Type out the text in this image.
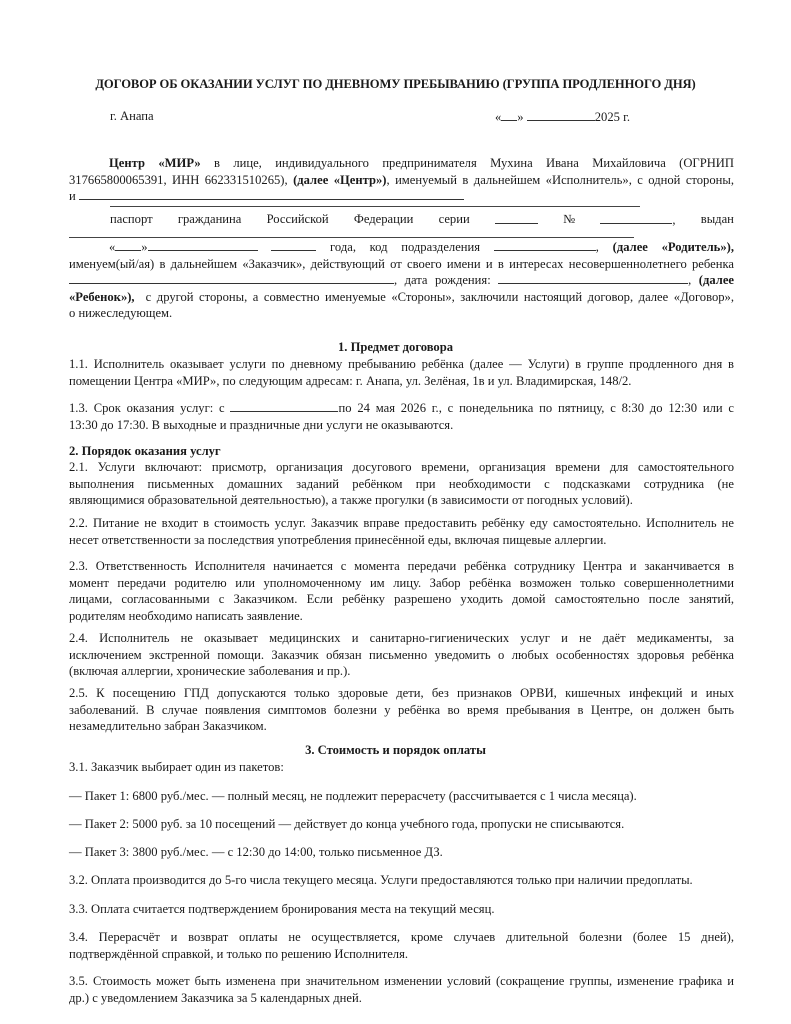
ДОГОВОР ОБ ОКАЗАНИИ УСЛУГ ПО ДНЕВНОМУ ПРЕБЫВАНИЮ (ГРУППА ПРОДЛЕННОГО ДНЯ)
г. Анапа	« »	2025 г.
Центр «МИР» в лице, индивидуального предпринимателя Мухина Ивана Михайловича (ОГРНИП
317665800065391, ИНН 662331510265), (далее «Центр»), именуемый в дальнейшем «Исполнитель», с одной стороны,
и
паспорт гражданина Российской Федерации серии	№	, выдан
« »	года, код подразделения	, (далее «Родитель»),
именуем(ый/ая) в дальнейшем «Заказчик», действующий от своего имени и в интересах несовершеннолетнего ребенка
, дата рождения:	, (далее
«Ребенок»), с другой стороны, а совместно именуемые «Стороны», заключили настоящий договор, далее «Договор»,
о нижеследующем.
1. Предмет договора
1.1. Исполнитель оказывает услуги по дневному пребыванию ребёнка (далее — Услуги) в группе продленного дня в
помещении Центра «МИР», по следующим адресам: г. Анапа, ул. Зелёная, 1в и ул. Владимирская, 148/2.
1.3. Срок оказания услуг: с	по 24 мая 2026 г., с понедельника по пятницу, с 8:30 до 12:30 или с
13:30 до 17:30. В выходные и праздничные дни услуги не оказываются.
2. Порядок оказания услуг
2.1. Услуги включают: присмотр, организация досугового времени, организация времени для самостоятельного
выполнения письменных домашних заданий ребёнком при необходимости с подсказками сотрудника (не
являющимися образовательной деятельностью), а также прогулки (в зависимости от погодных условий).
2.2. Питание не входит в стоимость услуг. Заказчик вправе предоставить ребёнку еду самостоятельно. Исполнитель не
несет ответственности за последствия употребления принесённой еды, включая пищевые аллергии.
2.3. Ответственность Исполнителя начинается с момента передачи ребёнка сотруднику Центра и заканчивается в
момент передачи родителю или уполномоченному им лицу. Забор ребёнка возможен только совершеннолетними
лицами, согласованными с Заказчиком. Если ребёнку разрешено уходить домой самостоятельно после занятий,
родителям необходимо написать заявление.
2.4. Исполнитель не оказывает медицинских и санитарно-гигиенических услуг и не даёт медикаменты, за
исключением экстренной помощи. Заказчик обязан письменно уведомить о любых особенностях здоровья ребёнка
(включая аллергии, хронические заболевания и пр.).
2.5. К посещению ГПД допускаются только здоровые дети, без признаков ОРВИ, кишечных инфекций и иных
заболеваний. В случае появления симптомов болезни у ребёнка во время пребывания в Центре, он должен быть
незамедлительно забран Заказчиком.
3. Стоимость и порядок оплаты
3.1. Заказчик выбирает один из пакетов:
— Пакет 1: 6800 руб./мес. — полный месяц, не подлежит перерасчету (рассчитывается с 1 числа месяца).
— Пакет 2: 5000 руб. за 10 посещений — действует до конца учебного года, пропуски не списываются.
— Пакет 3: 3800 руб./мес. — с 12:30 до 14:00, только письменное ДЗ.
3.2. Оплата производится до 5-го числа текущего месяца. Услуги предоставляются только при наличии предоплаты.
3.3. Оплата считается подтверждением бронирования места на текущий месяц.
3.4. Перерасчёт и возврат оплаты не осуществляется, кроме случаев длительной болезни (более 15 дней),
подтверждённой справкой, и только по решению Исполнителя.
3.5. Стоимость может быть изменена при значительном изменении условий (сокращение группы, изменение графика и
др.) с уведомлением Заказчика за 5 календарных дней.
